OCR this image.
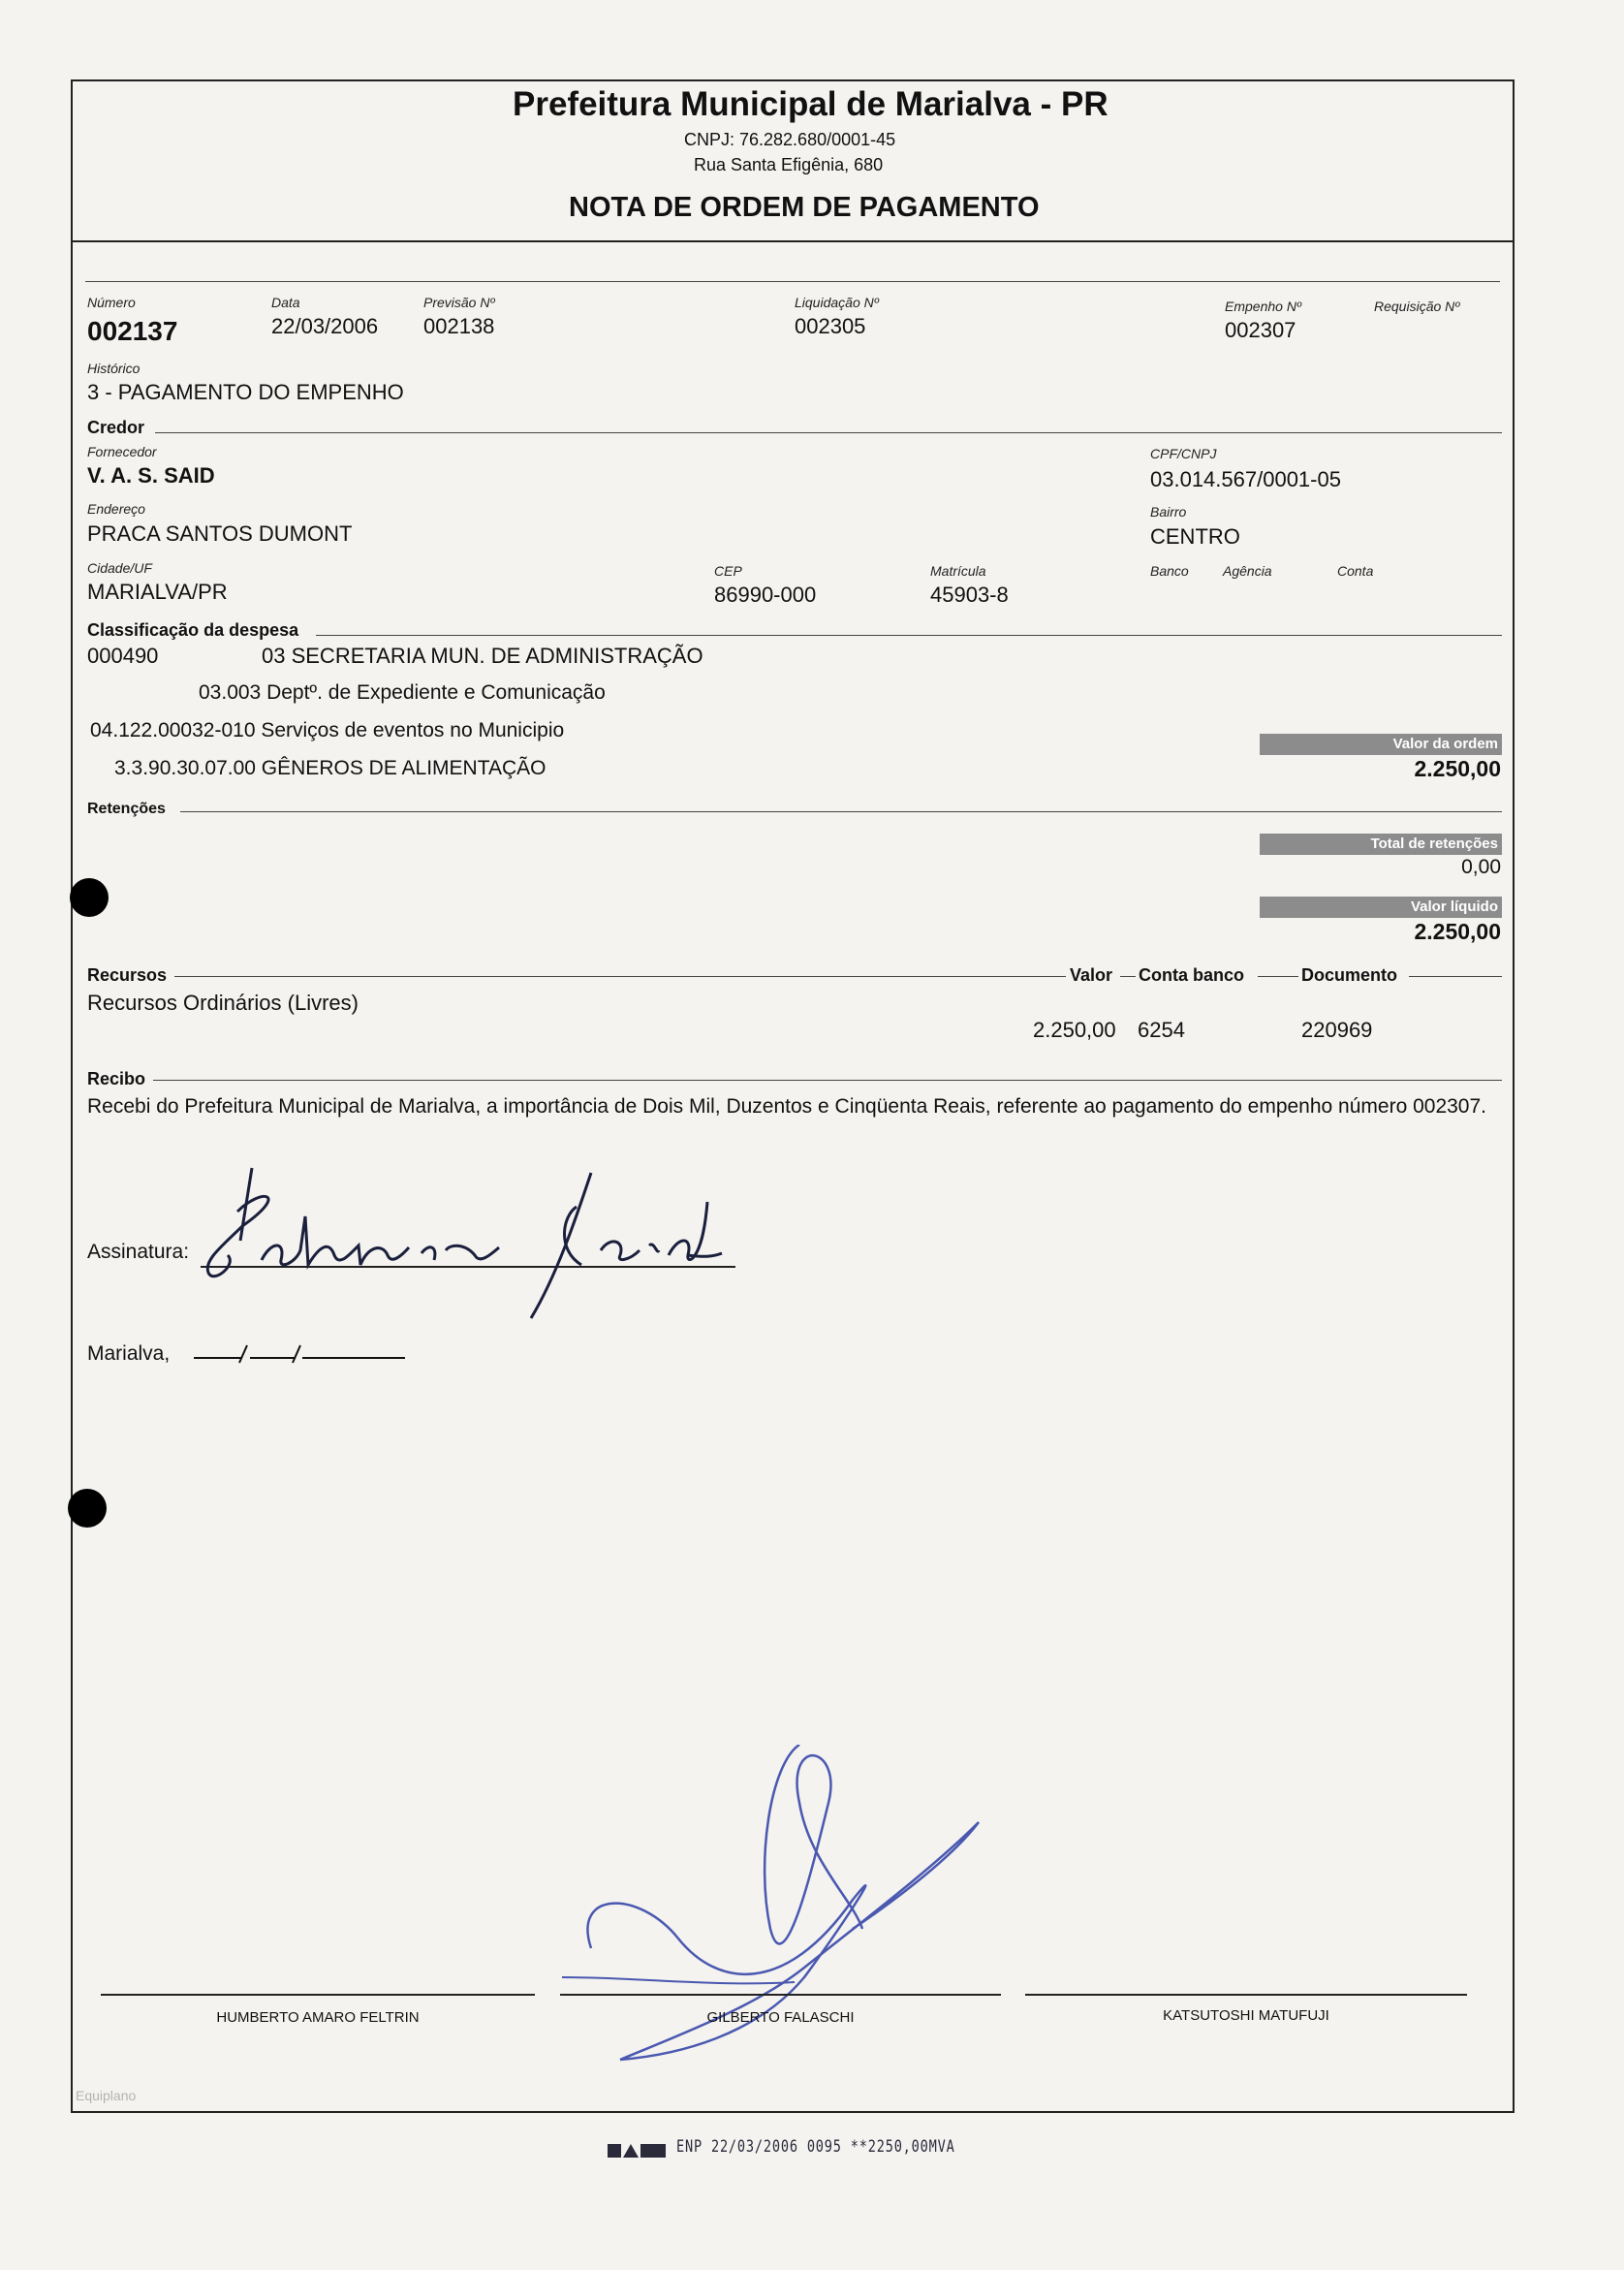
Prefeitura Municipal de Marialva - PR
CNPJ: 76.282.680/0001-45
Rua Santa Efigênia, 680
NOTA DE ORDEM DE PAGAMENTO
Número
002137
Data
22/03/2006
Previsão Nº
002138
Liquidação Nº
002305
Empenho Nº
002307
Requisição Nº
Histórico
3 - PAGAMENTO DO EMPENHO
Credor
Fornecedor
V. A. S. SAID
CPF/CNPJ
03.014.567/0001-05
Endereço
PRACA SANTOS DUMONT
Bairro
CENTRO
Cidade/UF
MARIALVA/PR
CEP
86990-000
Matrícula
45903-8
Banco	Agência	Conta
Classificação da despesa
000490	03 SECRETARIA MUN. DE ADMINISTRAÇÃO
03.003 Deptº. de Expediente e Comunicação
04.122.00032-010 Serviços de eventos no Municipio
3.3.90.30.07.00 GÊNEROS DE ALIMENTAÇÃO
Valor da ordem
2.250,00
Retenções
Total de retenções
0,00
Valor líquido
2.250,00
Recursos	Valor Conta banco	Documento
Recursos Ordinários (Livres)
2.250,00 6254	220969
Recibo
Recebi do Prefeitura Municipal de Marialva, a importância de Dois Mil, Duzentos e Cinqüenta Reais, referente ao pagamento do empenho número 002307.
Assinatura:
Marialva,
HUMBERTO AMARO FELTRIN	GILBERTO FALASCHI	KATSUTOSHI MATUFUJI
Equiplano
ENP 22/03/2006 0095 **2250,00MVA
